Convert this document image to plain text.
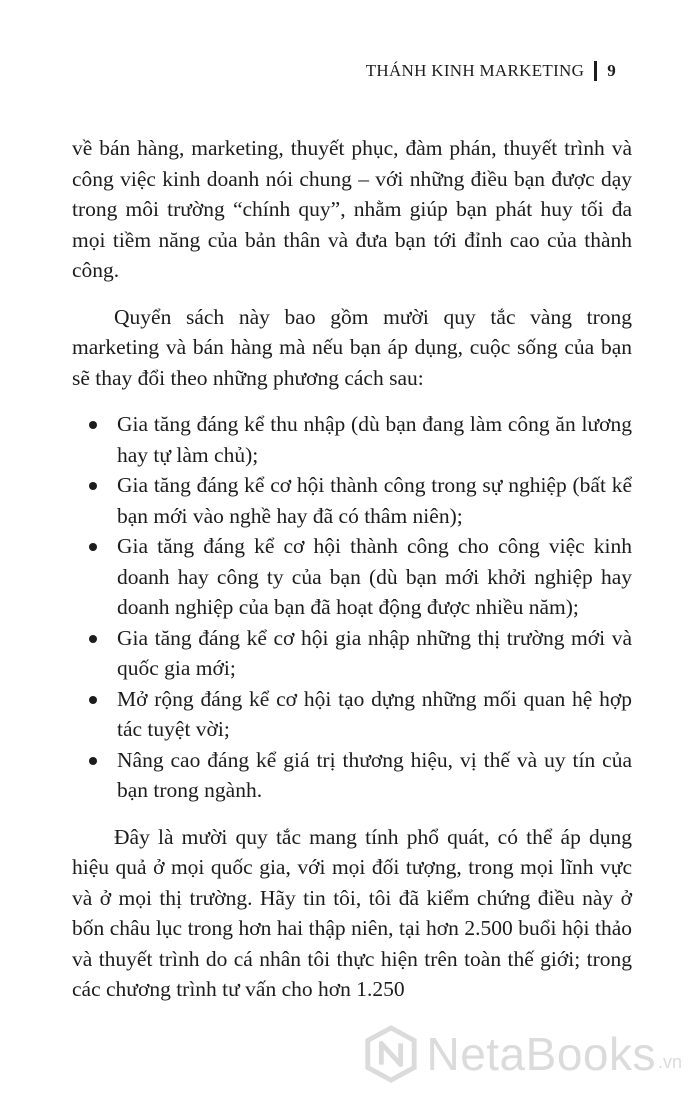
THÁNH KINH MARKETING 9

về bán hàng, marketing, thuyết phục, đàm phán, thuyết trình và công việc kinh doanh nói chung – với những điều bạn được dạy trong môi trường “chính quy”, nhằm giúp bạn phát huy tối đa mọi tiềm năng của bản thân và đưa bạn tới đỉnh cao của thành công.

Quyển sách này bao gồm mười quy tắc vàng trong marketing và bán hàng mà nếu bạn áp dụng, cuộc sống của bạn sẽ thay đổi theo những phương cách sau:

Gia tăng đáng kể thu nhập (dù bạn đang làm công ăn lương hay tự làm chủ);
Gia tăng đáng kể cơ hội thành công trong sự nghiệp (bất kể bạn mới vào nghề hay đã có thâm niên);
Gia tăng đáng kể cơ hội thành công cho công việc kinh doanh hay công ty của bạn (dù bạn mới khởi nghiệp hay doanh nghiệp của bạn đã hoạt động được nhiều năm);
Gia tăng đáng kể cơ hội gia nhập những thị trường mới và quốc gia mới;
Mở rộng đáng kể cơ hội tạo dựng những mối quan hệ hợp tác tuyệt vời;
Nâng cao đáng kể giá trị thương hiệu, vị thế và uy tín của bạn trong ngành.

Đây là mười quy tắc mang tính phổ quát, có thể áp dụng hiệu quả ở mọi quốc gia, với mọi đối tượng, trong mọi lĩnh vực và ở mọi thị trường. Hãy tin tôi, tôi đã kiểm chứng điều này ở bốn châu lục trong hơn hai thập niên, tại hơn 2.500 buổi hội thảo và thuyết trình do cá nhân tôi thực hiện trên toàn thế giới; trong các chương trình tư vấn cho hơn 1.250

NetaBooks .vn
